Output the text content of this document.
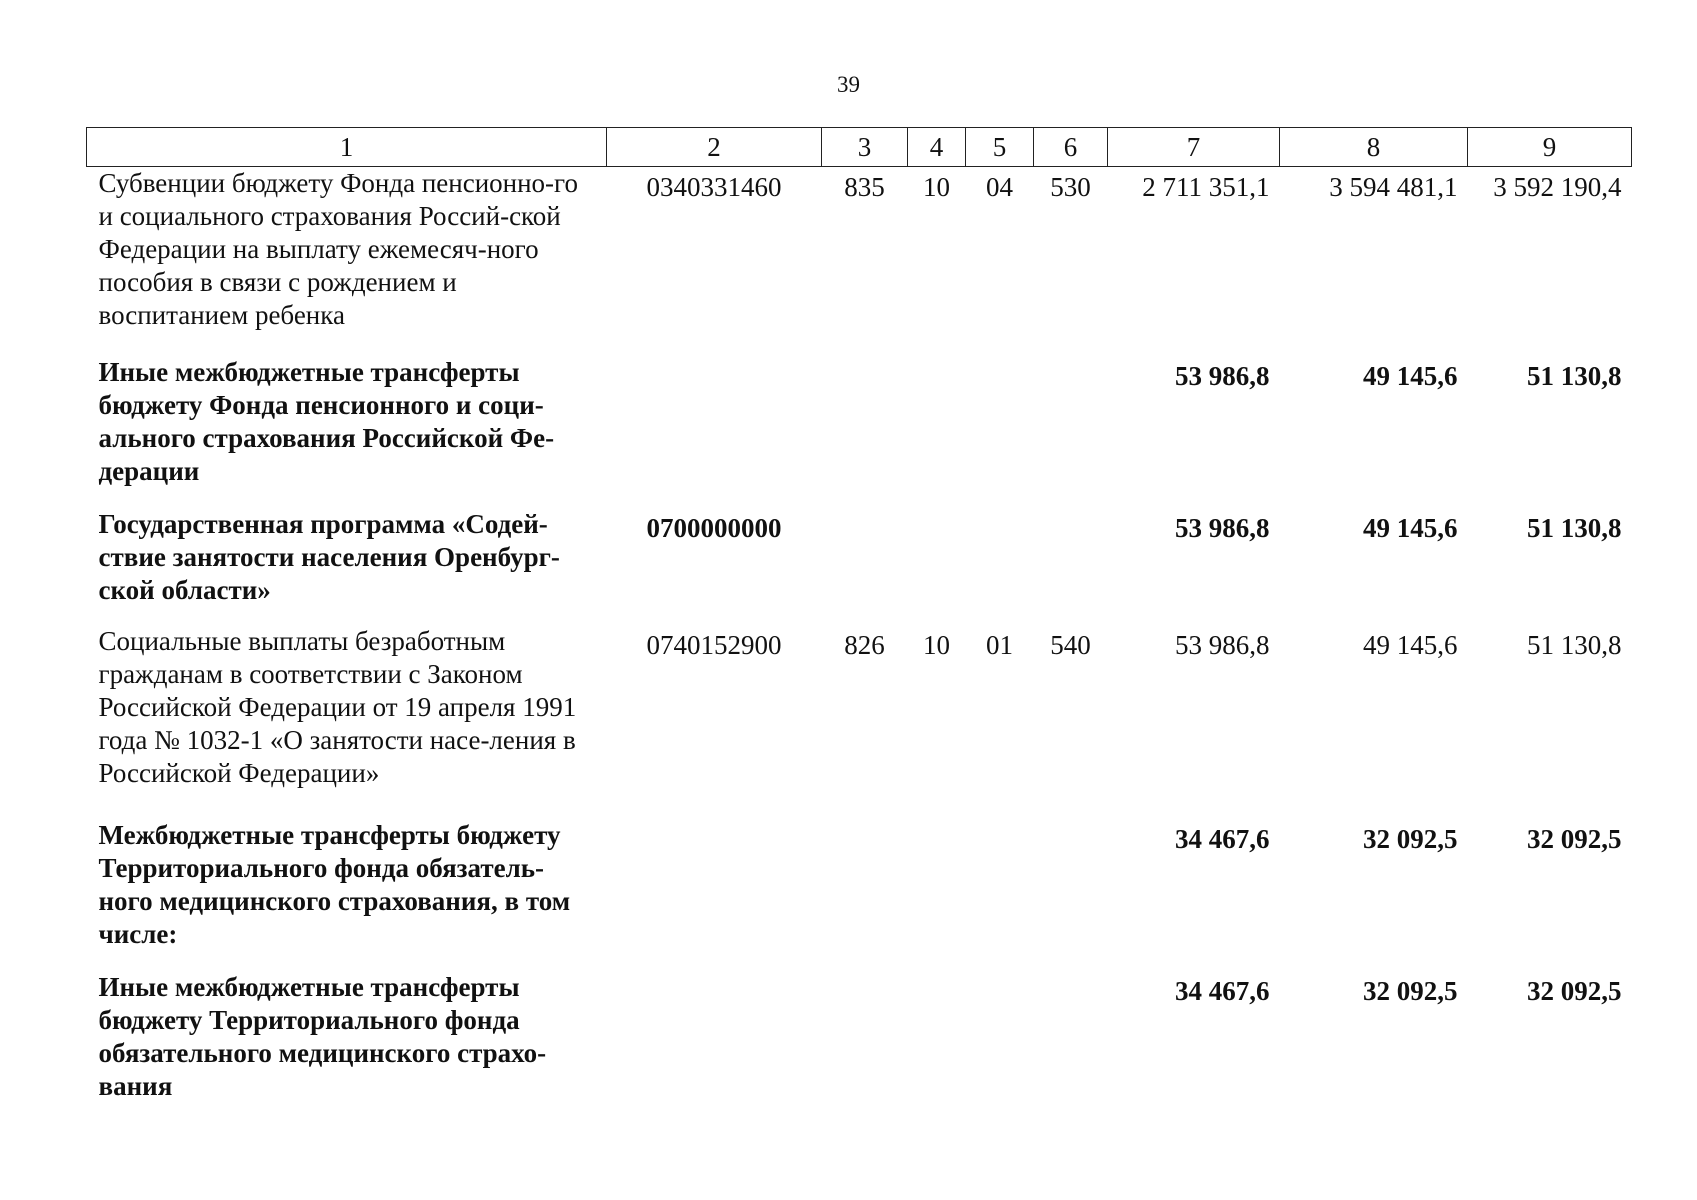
39
1	2	3	4	5	6	7	8	9
Субвенции бюджету Фонда пенсионно-го и социального страхования Россий-ской Федерации на выплату ежемесяч-ного пособия в связи с рождением и воспитанием ребенка	0340331460	835	10	04	530	2 711 351,1	3 594 481,1	3 592 190,4
Иные межбюджетные трансферты бюджету Фонда пенсионного и соци-ального страхования Российской Фе-дерации						53 986,8	49 145,6	51 130,8
Государственная программа «Содей-ствие занятости населения Оренбург-ской области»	0700000000					53 986,8	49 145,6	51 130,8
Социальные выплаты безработным гражданам в соответствии с Законом Российской Федерации от 19 апреля 1991 года № 1032-1 «О занятости насе-ления в Российской Федерации»	0740152900	826	10	01	540	53 986,8	49 145,6	51 130,8
Межбюджетные трансферты бюджету Территориального фонда обязатель-ного медицинского страхования, в том числе:						34 467,6	32 092,5	32 092,5
Иные межбюджетные трансферты бюджету Территориального фонда обязательного медицинского страхо-вания						34 467,6	32 092,5	32 092,5
